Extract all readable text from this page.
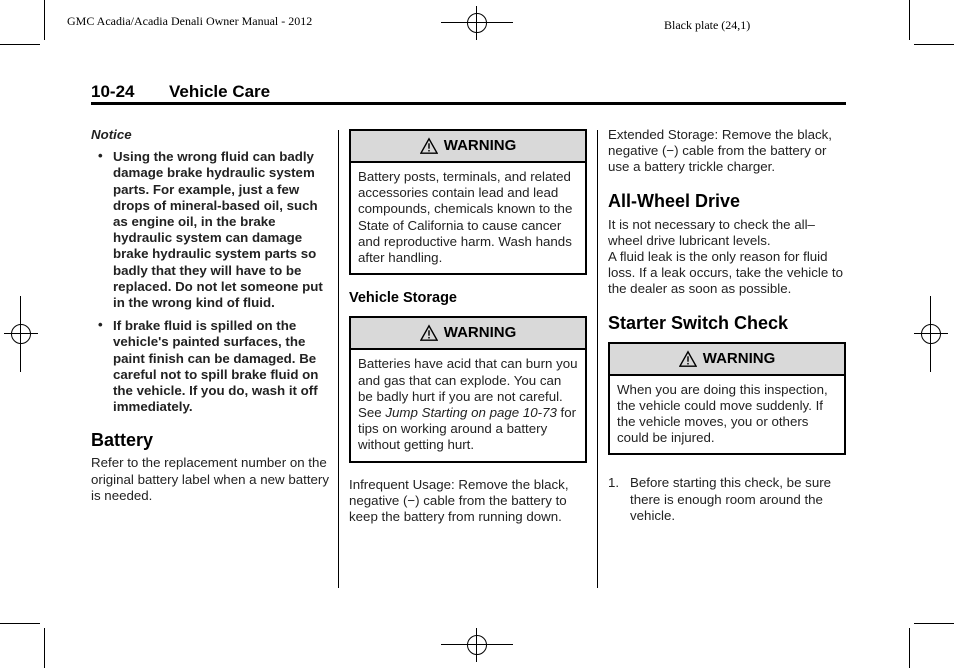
GMC Acadia/Acadia Denali Owner Manual - 2012	Black plate (24,1)
10-24 Vehicle Care

Notice

• Using the wrong fluid can badly damage brake hydraulic system parts. For example, just a few drops of mineral-based oil, such as engine oil, in the brake hydraulic system can damage brake hydraulic system parts so badly that they will have to be replaced. Do not let someone put in the wrong kind of fluid.
• If brake fluid is spilled on the vehicle's painted surfaces, the paint finish can be damaged. Be careful not to spill brake fluid on the vehicle. If you do, wash it off immediately.
Battery

Refer to the replacement number on the original battery label when a new battery is needed.

WARNING
Battery posts, terminals, and related accessories contain lead and lead compounds, chemicals known to the State of California to cause cancer and reproductive harm. Wash hands after handling.
Vehicle Storage
WARNING
Batteries have acid that can burn you and gas that can explode. You can be badly hurt if you are not careful. See Jump Starting on page 10-73 for tips on working around a battery without getting hurt.

Infrequent Usage: Remove the black, negative (−) cable from the battery to keep the battery from running down.

Extended Storage: Remove the black, negative (−) cable from the battery or use a battery trickle charger.

All-Wheel Drive

It is not necessary to check the all–wheel drive lubricant levels.

A fluid leak is the only reason for fluid loss. If a leak occurs, take the vehicle to the dealer as soon as possible.

Starter Switch Check
WARNING
When you are doing this inspection, the vehicle could move suddenly. If the vehicle moves, you or others could be injured.
1. Before starting this check, be sure there is enough room around the vehicle.
